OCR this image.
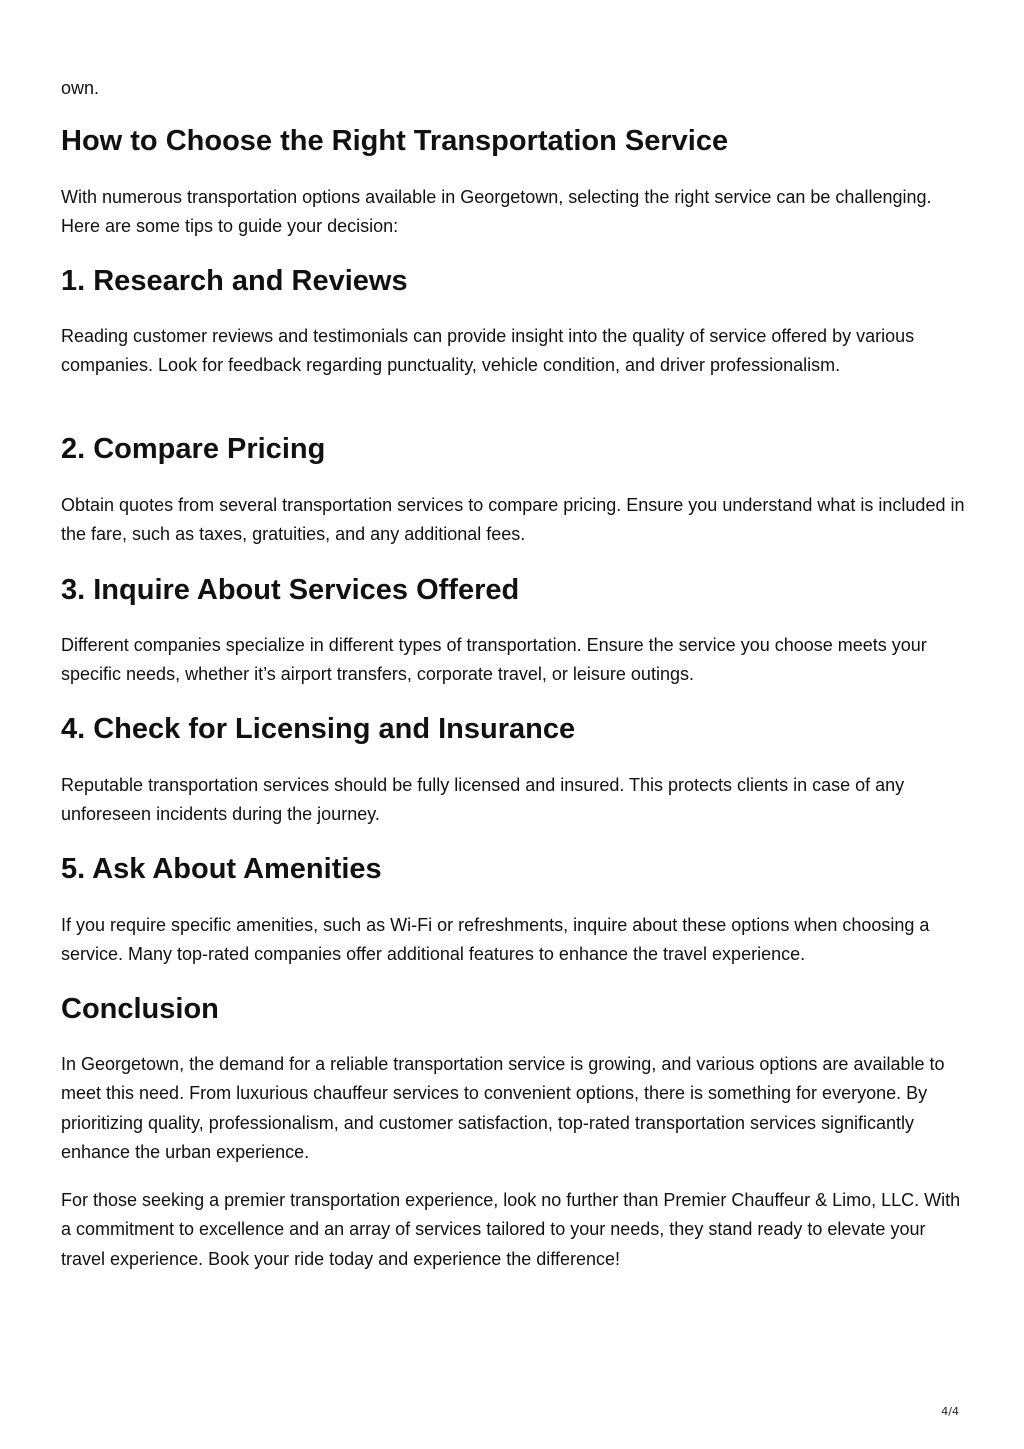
own.

How to Choose the Right Transportation Service

With numerous transportation options available in Georgetown, selecting the right service can be challenging. Here are some tips to guide your decision:

1. Research and Reviews

Reading customer reviews and testimonials can provide insight into the quality of service offered by various companies. Look for feedback regarding punctuality, vehicle condition, and driver professionalism.

2. Compare Pricing

Obtain quotes from several transportation services to compare pricing. Ensure you understand what is included in the fare, such as taxes, gratuities, and any additional fees.

3. Inquire About Services Offered

Different companies specialize in different types of transportation. Ensure the service you choose meets your specific needs, whether it’s airport transfers, corporate travel, or leisure outings.

4. Check for Licensing and Insurance

Reputable transportation services should be fully licensed and insured. This protects clients in case of any unforeseen incidents during the journey.

5. Ask About Amenities

If you require specific amenities, such as Wi-Fi or refreshments, inquire about these options when choosing a service. Many top-rated companies offer additional features to enhance the travel experience.

Conclusion

In Georgetown, the demand for a reliable transportation service is growing, and various options are available to meet this need. From luxurious chauffeur services to convenient options, there is something for everyone. By prioritizing quality, professionalism, and customer satisfaction, top-rated transportation services significantly enhance the urban experience.

For those seeking a premier transportation experience, look no further than Premier Chauffeur & Limo, LLC. With a commitment to excellence and an array of services tailored to your needs, they stand ready to elevate your travel experience. Book your ride today and experience the difference!

4/4
